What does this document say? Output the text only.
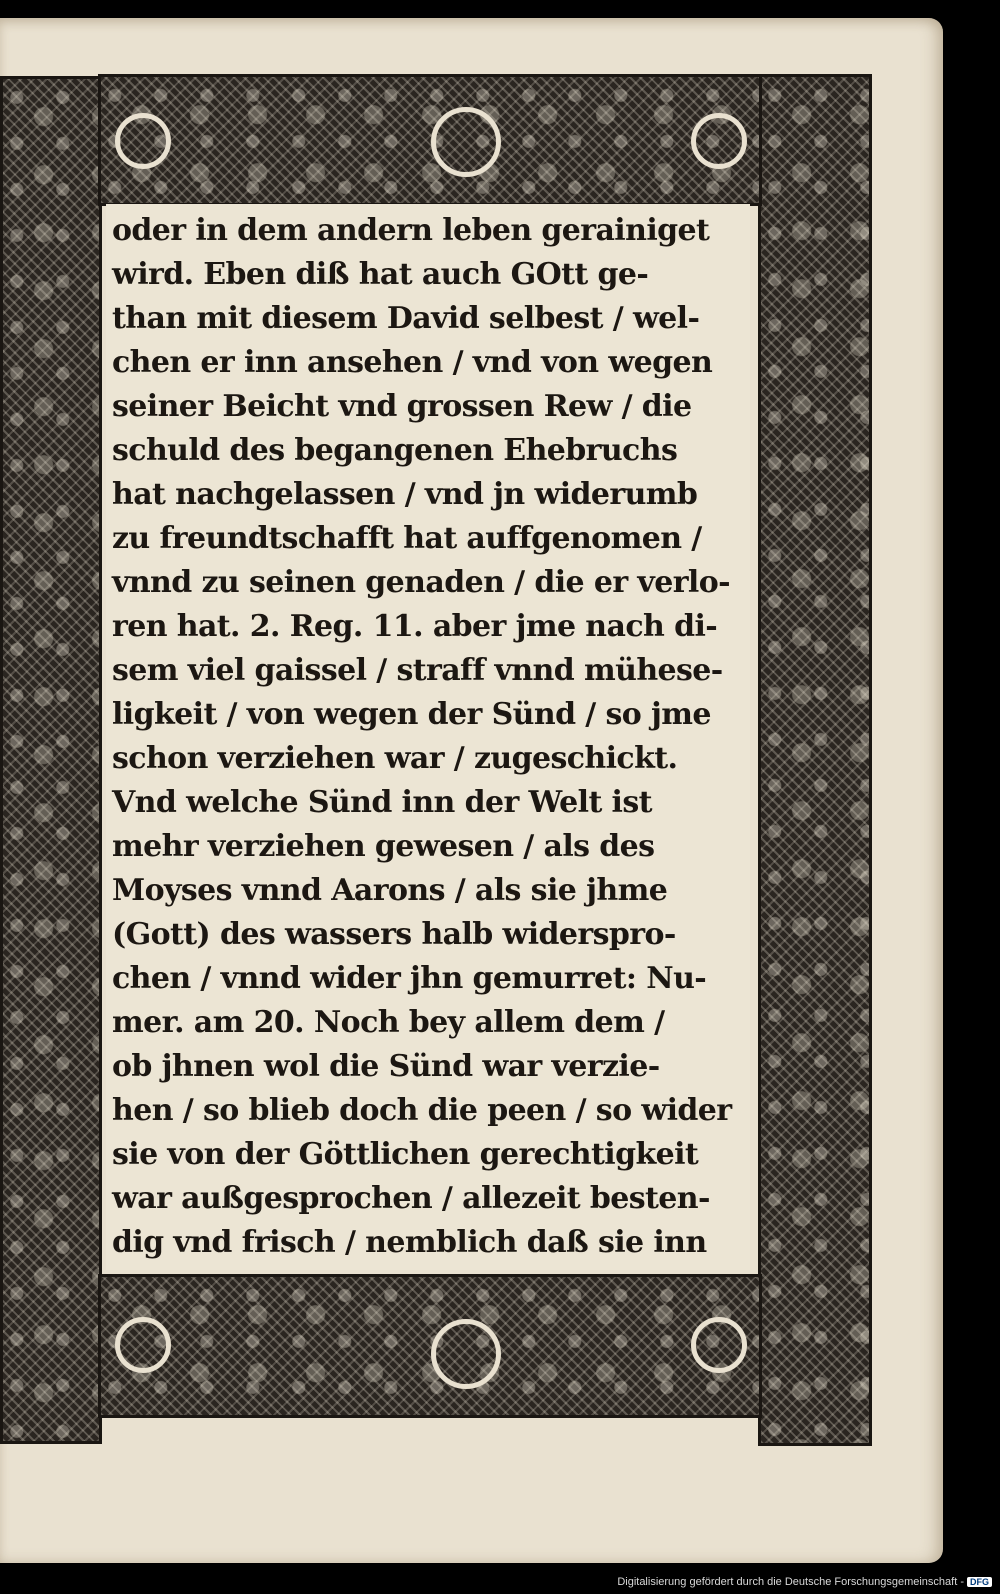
oder in dem andern leben gerainiget
wird. Eben diß hat auch GOtt ge-
than mit diesem David selbest / wel-
chen er inn ansehen / vnd von wegen
seiner Beicht vnd grossen Rew / die
schuld des begangenen Ehebruchs
hat nachgelassen / vnd jn widerumb
zu freundtschafft hat auffgenomen /
vnnd zu seinen genaden / die er verlo-
ren hat. 2. Reg. 11. aber jme nach di-
sem viel gaissel / straff vnnd mühese-
ligkeit / von wegen der Sünd / so jme
schon verziehen war / zugeschickt.
Vnd welche Sünd inn der Welt ist
mehr verziehen gewesen / als des
Moyses vnnd Aarons / als sie jhme
(Gott) des wassers halb widerspro-
chen / vnnd wider jhn gemurret: Nu-
mer. am 20. Noch bey allem dem /
ob jhnen wol die Sünd war verzie-
hen / so blieb doch die peen / so wider
sie von der Göttlichen gerechtigkeit
war außgesprochen / allezeit besten-
dig vnd frisch / nemblich daß sie inn
Digitalisierung gefördert durch die Deutsche Forschungsgemeinschaft - DFG
